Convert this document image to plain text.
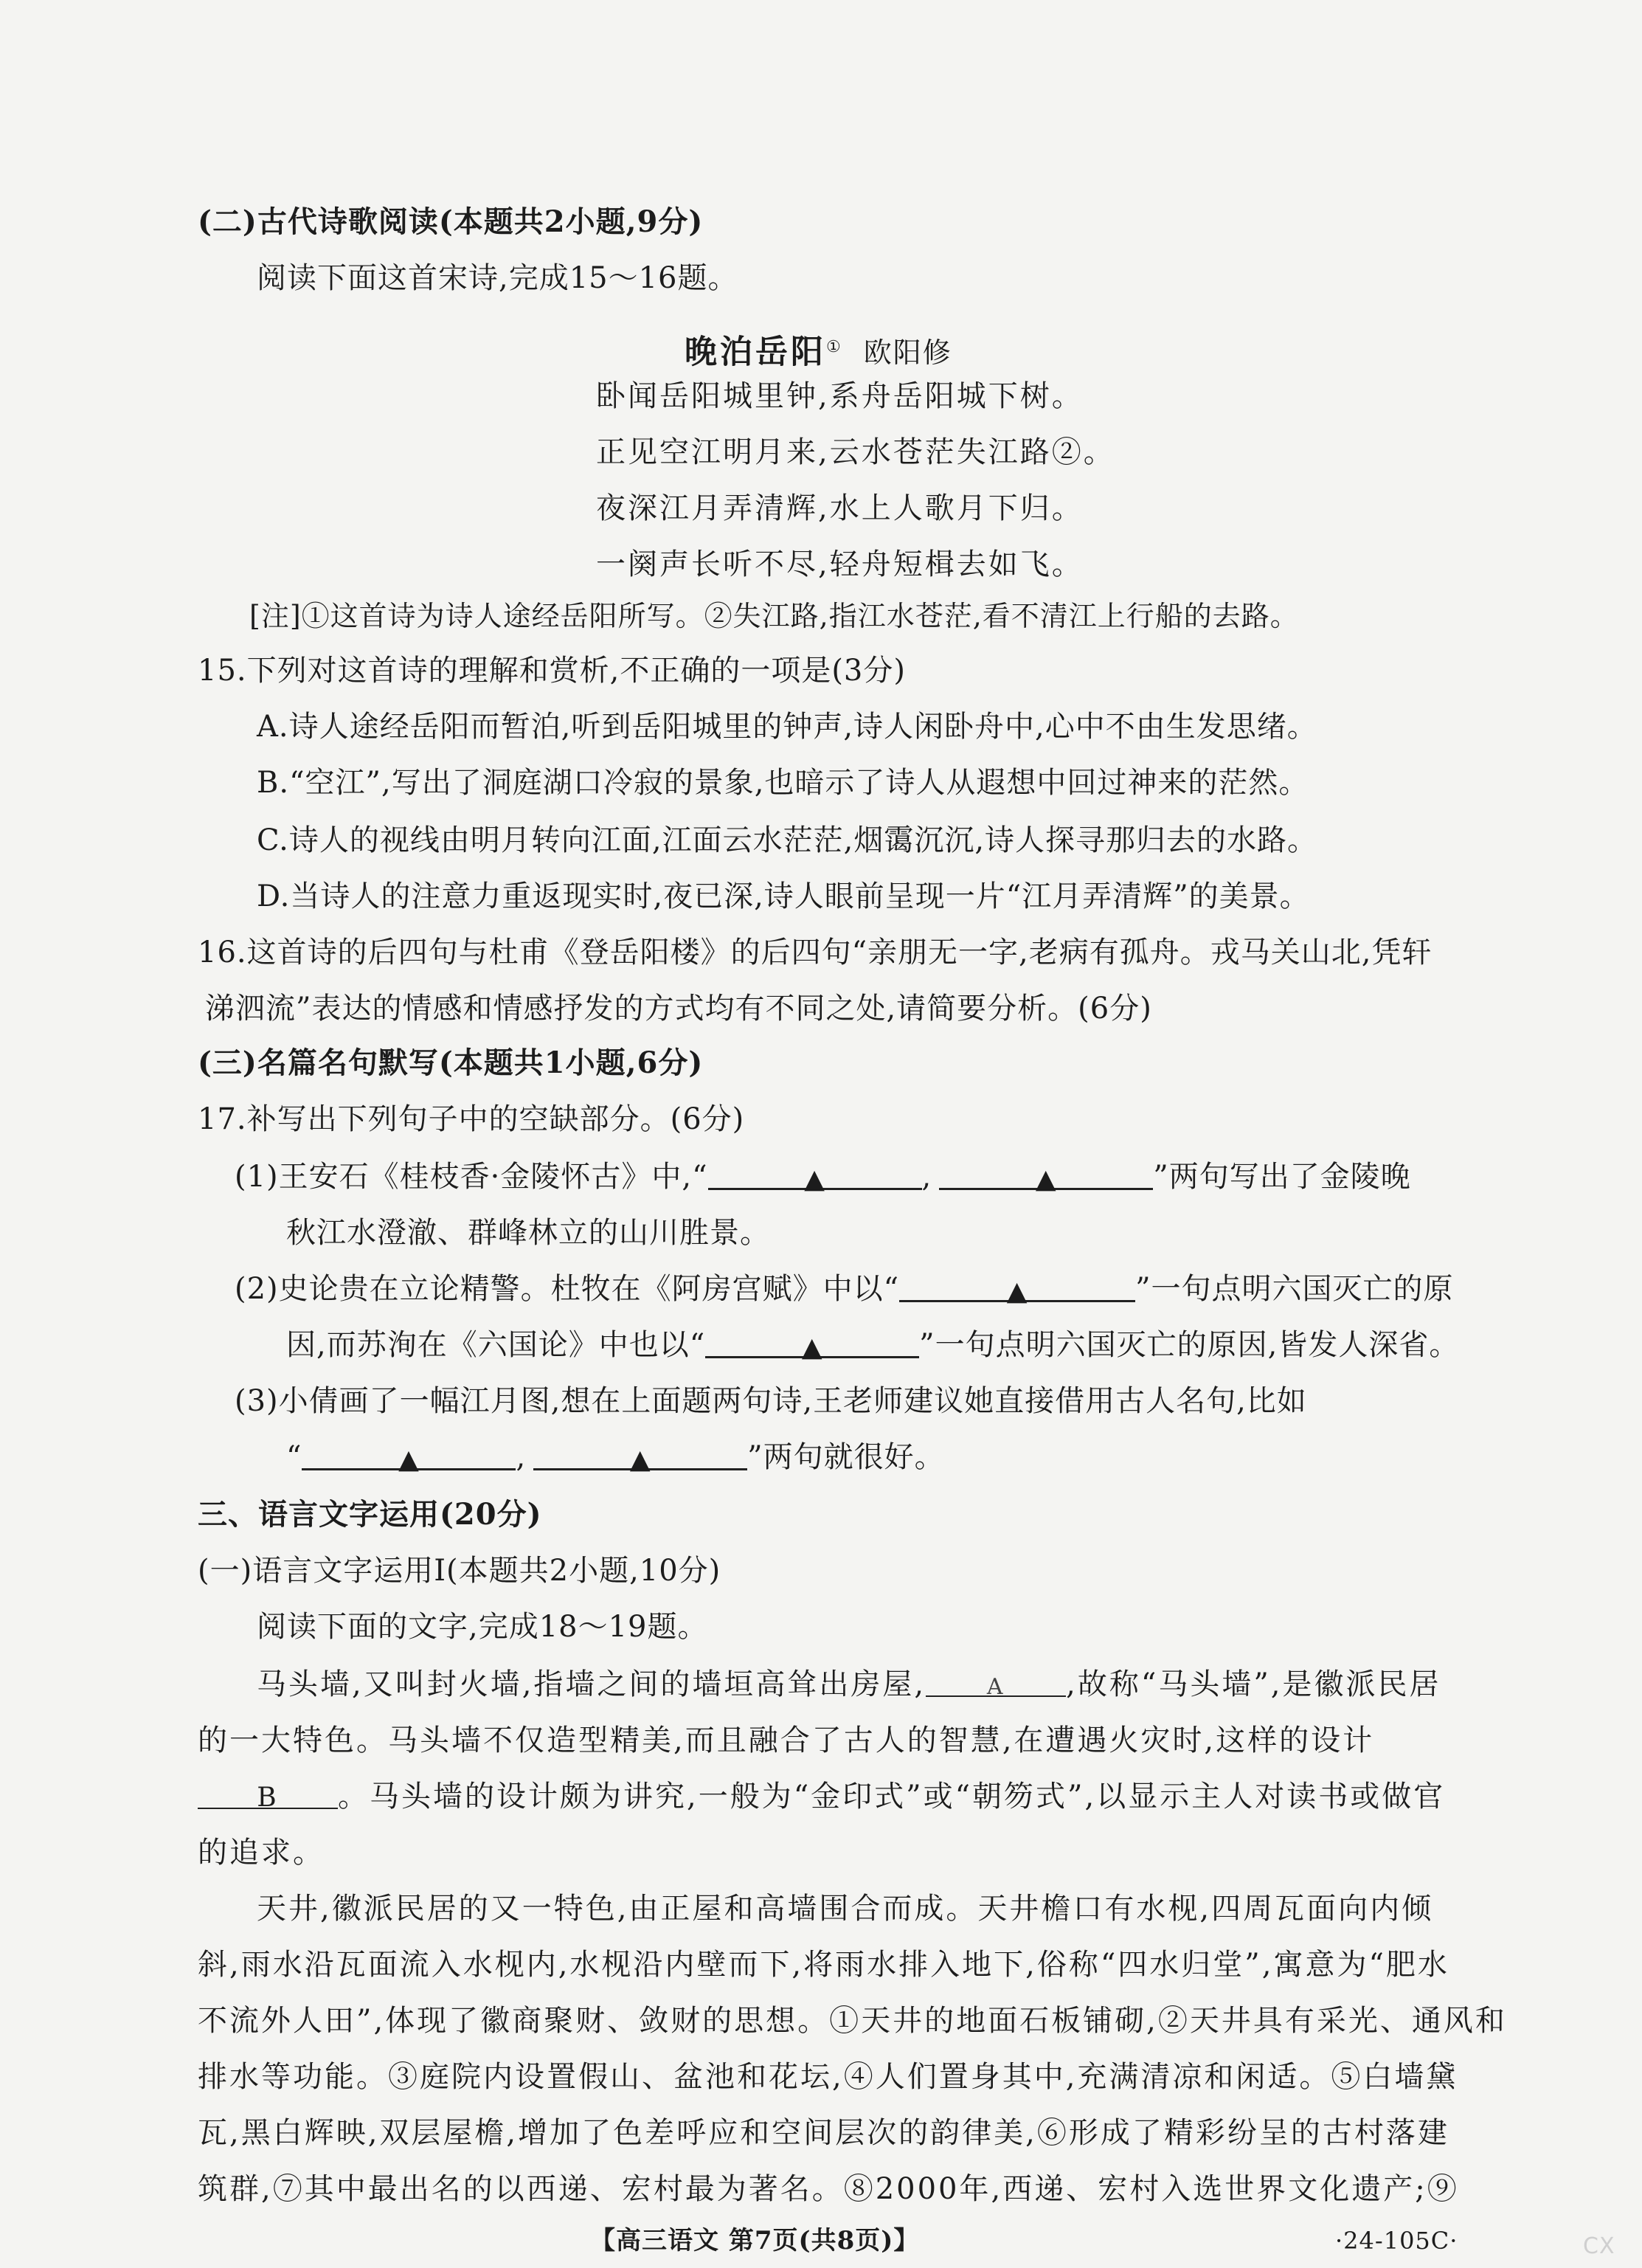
(二)古代诗歌阅读(本题共2小题,9分)
阅读下面这首宋诗,完成15～16题。
晚泊岳阳① 欧阳修
卧闻岳阳城里钟,系舟岳阳城下树。
正见空江明月来,云水苍茫失江路②。
夜深江月弄清辉,水上人歌月下归。
一阕声长听不尽,轻舟短楫去如飞。
[注]①这首诗为诗人途经岳阳所写。②失江路,指江水苍茫,看不清江上行船的去路。
15.下列对这首诗的理解和赏析,不正确的一项是(3分)
A.诗人途经岳阳而暂泊,听到岳阳城里的钟声,诗人闲卧舟中,心中不由生发思绪。
B.“空江”,写出了洞庭湖口冷寂的景象,也暗示了诗人从遐想中回过神来的茫然。
C.诗人的视线由明月转向江面,江面云水茫茫,烟霭沉沉,诗人探寻那归去的水路。
D.当诗人的注意力重返现实时,夜已深,诗人眼前呈现一片“江月弄清辉”的美景。
16.这首诗的后四句与杜甫《登岳阳楼》的后四句“亲朋无一字,老病有孤舟。戎马关山北,凭轩
涕泗流”表达的情感和情感抒发的方式均有不同之处,请简要分析。(6分)
(三)名篇名句默写(本题共1小题,6分)
17.补写出下列句子中的空缺部分。(6分)
(1)王安石《桂枝香·金陵怀古》中,“	▲	,	▲	”两句写出了金陵晚
秋江水澄澈、群峰林立的山川胜景。
(2)史论贵在立论精警。杜牧在《阿房宫赋》中以“	▲	”一句点明六国灭亡的原
因,而苏洵在《六国论》中也以“	▲	”一句点明六国灭亡的原因,皆发人深省。
(3)小倩画了一幅江月图,想在上面题两句诗,王老师建议她直接借用古人名句,比如
“	▲	,	▲	”两句就很好。
三、语言文字运用(20分)
(一)语言文字运用Ⅰ(本题共2小题,10分)
阅读下面的文字,完成18～19题。
马头墙,又叫封火墙,指墙之间的墙垣高耸出房屋,	A ,故称“马头墙”,是徽派民居
的一大特色。马头墙不仅造型精美,而且融合了古人的智慧,在遭遇火灾时,这样的设计
B 。马头墙的设计颇为讲究,一般为“金印式”或“朝笏式”,以显示主人对读书或做官
的追求。
天井,徽派民居的又一特色,由正屋和高墙围合而成。天井檐口有水枧,四周瓦面向内倾
斜,雨水沿瓦面流入水枧内,水枧沿内壁而下,将雨水排入地下,俗称“四水归堂”,寓意为“肥水
不流外人田”,体现了徽商聚财、敛财的思想。①天井的地面石板铺砌,②天井具有采光、通风和
排水等功能。③庭院内设置假山、盆池和花坛,④人们置身其中,充满清凉和闲适。⑤白墙黛
瓦,黑白辉映,双层屋檐,增加了色差呼应和空间层次的韵律美,⑥形成了精彩纷呈的古村落建
筑群,⑦其中最出名的以西递、宏村最为著名。⑧2000年,西递、宏村入选世界文化遗产;⑨
【高三语文 第7页(共8页)】	·24-105C·	CX
